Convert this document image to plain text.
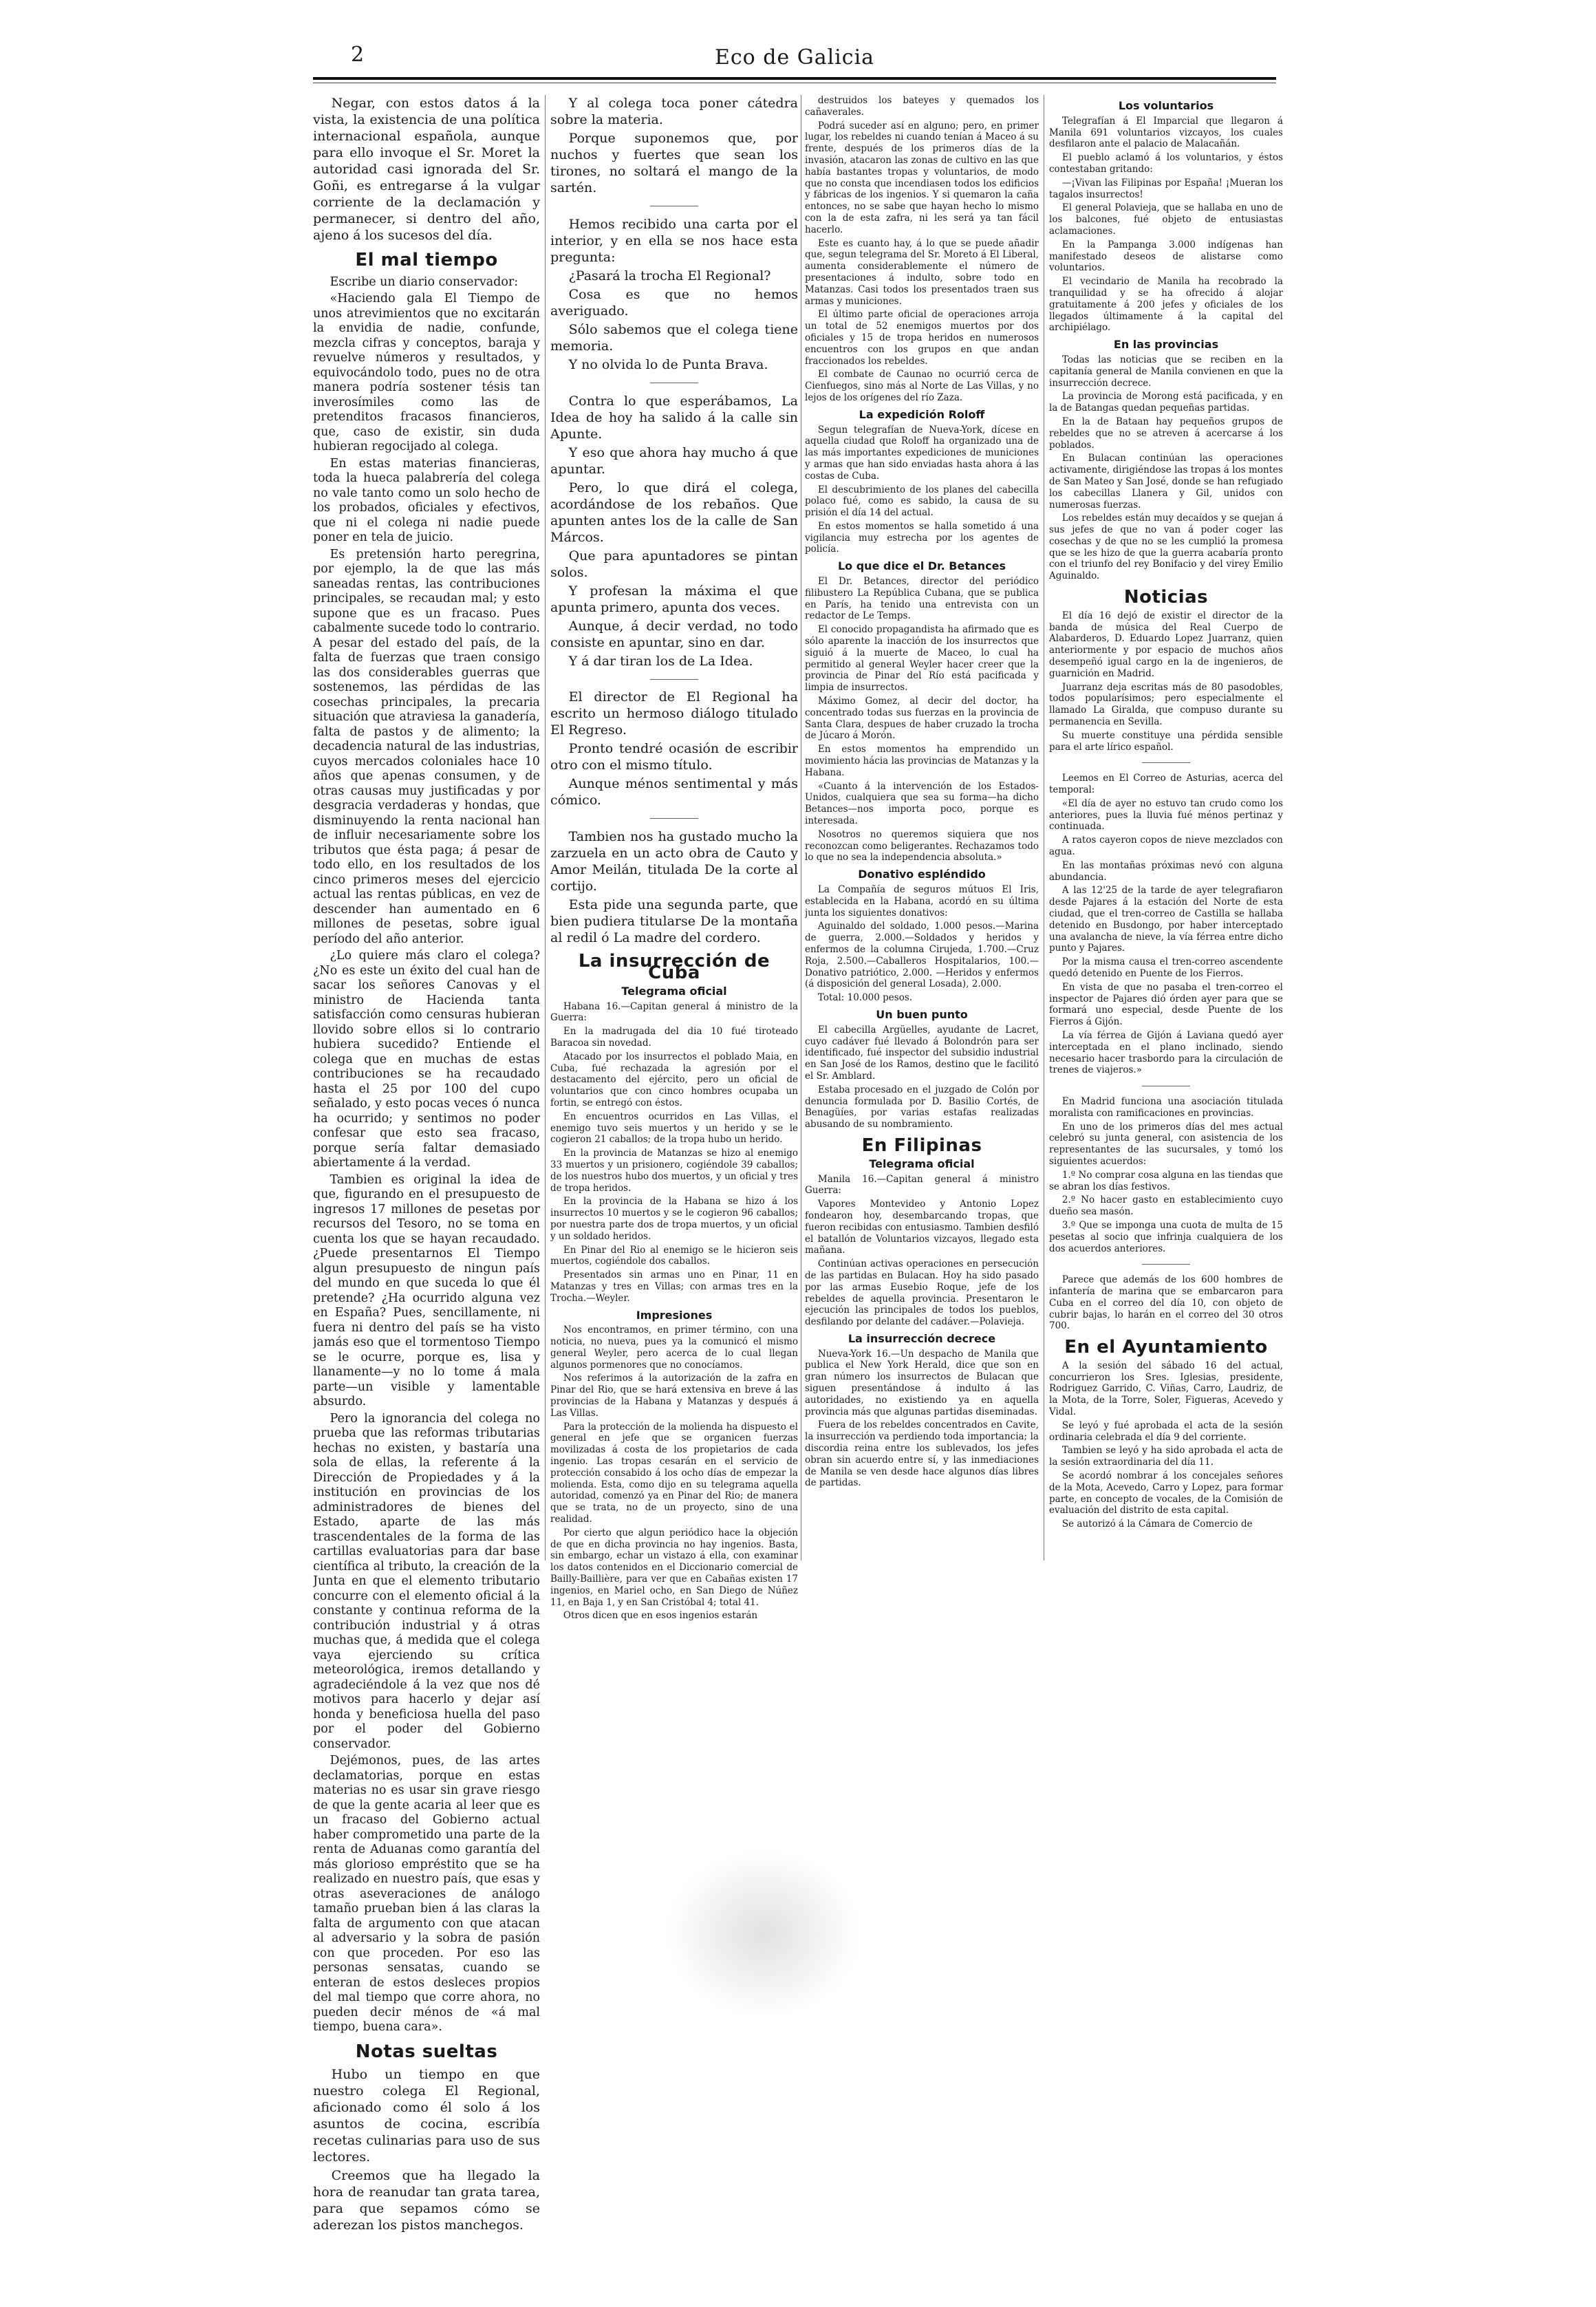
2	Eco de Galicia

Negar, con estos datos á la vista, la existencia de una política internacional española, aunque para ello invoque el Sr. Moret la autoridad casi ignorada del Sr. Goñi, es entregarse á la vulgar corriente de la declamación y permanecer, si dentro del año, ajeno á los sucesos del día.

El mal tiempo

Escribe un diario conservador:

«Haciendo gala El Tiempo de unos atrevimientos que no excitarán la envidia de nadie, confunde, mezcla cifras y conceptos, baraja y revuelve números y resultados, y equivocándolo todo, pues no de otra manera podría sostener tésis tan inverosímiles como las de pretenditos fracasos financieros, que, caso de existir, sin duda hubieran regocijado al colega.

En estas materias financieras, toda la hueca palabrería del colega no vale tanto como un solo hecho de los probados, oficiales y efectivos, que ni el colega ni nadie puede poner en tela de juicio.

Es pretensión harto peregrina, por ejemplo, la de que las más saneadas rentas, las contribuciones principales, se recaudan mal; y esto supone que es un fracaso. Pues cabalmente sucede todo lo contrario. A pesar del estado del país, de la falta de fuerzas que traen consigo las dos considerables guerras que sostenemos, las pérdidas de las cosechas principales, la precaria situación que atraviesa la ganadería, falta de pastos y de alimento; la decadencia natural de las industrias, cuyos mercados coloniales hace 10 años que apenas consumen, y de otras causas muy justificadas y por desgracia verdaderas y hondas, que disminuyendo la renta nacional han de influir necesariamente sobre los tributos que ésta paga; á pesar de todo ello, en los resultados de los cinco primeros meses del ejercicio actual las rentas públicas, en vez de descender han aumentado en 6 millones de pesetas, sobre igual período del año anterior.

¿Lo quiere más claro el colega? ¿No es este un éxito del cual han de sacar los señores Canovas y el ministro de Hacienda tanta satisfacción como censuras hubieran llovido sobre ellos si lo contrario hubiera sucedido? Entiende el colega que en muchas de estas contribuciones se ha recaudado hasta el 25 por 100 del cupo señalado, y esto pocas veces ó nunca ha ocurrido; y sentimos no poder confesar que esto sea fracaso, porque sería faltar demasiado abiertamente á la verdad.

Tambien es original la idea de que, figurando en el presupuesto de ingresos 17 millones de pesetas por recursos del Tesoro, no se toma en cuenta los que se hayan recaudado. ¿Puede presentarnos El Tiempo algun presupuesto de ningun país del mundo en que suceda lo que él pretende? ¿Ha ocurrido alguna vez en España? Pues, sencillamente, ni fuera ni dentro del país se ha visto jamás eso que el tormentoso Tiempo se le ocurre, porque es, lisa y llanamente—y no lo tome á mala parte—un visible y lamentable absurdo.

Pero la ignorancia del colega no prueba que las reformas tributarias hechas no existen, y bastaría una sola de ellas, la referente á la Dirección de Propiedades y á la institución en provincias de los administradores de bienes del Estado, aparte de las más trascendentales de la forma de las cartillas evaluatorias para dar base científica al tributo, la creación de la Junta en que el elemento tributario concurre con el elemento oficial á la constante y continua reforma de la contribución industrial y á otras muchas que, á medida que el colega vaya ejerciendo su crítica meteorológica, iremos detallando y agradeciéndole á la vez que nos dé motivos para hacerlo y dejar así honda y beneficiosa huella del paso por el poder del Gobierno conservador.

Dejémonos, pues, de las artes declamatorias, porque en estas materias no es usar sin grave riesgo de que la gente acaria al leer que es un fracaso del Gobierno actual haber comprometido una parte de la renta de Aduanas como garantía del más glorioso empréstito que se ha realizado en nuestro país, que esas y otras aseveraciones de análogo tamaño prueban bien á las claras la falta de argumento con que atacan al adversario y la sobra de pasión con que proceden. Por eso las personas sensatas, cuando se enteran de estos desleces propios del mal tiempo que corre ahora, no pueden decir ménos de «á mal tiempo, buena cara».

Notas sueltas

Hubo un tiempo en que nuestro colega El Regional, aficionado como él solo á los asuntos de cocina, escribía recetas culinarias para uso de sus lectores.

Creemos que ha llegado la hora de reanudar tan grata tarea, para que sepamos cómo se aderezan los pistos manchegos.

Y al colega toca poner cátedra sobre la materia.

Porque suponemos que, por nuchos y fuertes que sean los tirones, no soltará el mango de la sartén.

Hemos recibido una carta por el interior, y en ella se nos hace esta pregunta:

¿Pasará la trocha El Regional?

Cosa es que no hemos averiguado.

Sólo sabemos que el colega tiene memoria.

Y no olvida lo de Punta Brava.

Contra lo que esperábamos, La Idea de hoy ha salido á la calle sin Apunte.

Y eso que ahora hay mucho á que apuntar.

Pero, lo que dirá el colega, acordándose de los rebaños. Que apunten antes los de la calle de San Márcos.

Que para apuntadores se pintan solos.

Y profesan la máxima el que apunta primero, apunta dos veces.

Aunque, á decir verdad, no todo consiste en apuntar, sino en dar.

Y á dar tiran los de La Idea.

El director de El Regional ha escrito un hermoso diálogo titulado El Regreso.

Pronto tendré ocasión de escribir otro con el mismo título.

Aunque ménos sentimental y más cómico.

Tambien nos ha gustado mucho la zarzuela en un acto obra de Cauto y Amor Meilán, titulada De la corte al cortijo.

Esta pide una segunda parte, que bien pudiera titularse De la montaña al redil ó La madre del cordero.

La insurrección de Cuba
Telegrama oficial

Habana 16.—Capitan general á ministro de la Guerra:

En la madrugada del dia 10 fué tiroteado Baracoa sin novedad.

Atacado por los insurrectos el poblado Maia, en Cuba, fué rechazada la agresión por el destacamento del ejército, pero un oficial de voluntarios que con cinco hombres ocupaba un fortin, se entregó con éstos.

En encuentros ocurridos en Las Villas, el enemigo tuvo seis muertos y un herido y se le cogieron 21 caballos; de la tropa hubo un herido.

En la provincia de Matanzas se hizo al enemigo 33 muertos y un prisionero, cogiéndole 39 caballos; de los nuestros hubo dos muertos, y un oficial y tres de tropa heridos.

En la provincia de la Habana se hizo á los insurrectos 10 muertos y se le cogieron 96 caballos; por nuestra parte dos de tropa muertos, y un oficial y un soldado heridos.

En Pinar del Rio al enemigo se le hicieron seis muertos, cogiéndole dos caballos.

Presentados sin armas uno en Pinar, 11 en Matanzas y tres en Villas; con armas tres en la Trocha.—Weyler.

Impresiones

Nos encontramos, en primer término, con una noticia, no nueva, pues ya la comunicó el mismo general Weyler, pero acerca de lo cual llegan algunos pormenores que no conocíamos.

Nos referimos á la autorización de la zafra en Pinar del Rio, que se hará extensiva en breve á las provincias de la Habana y Matanzas y después á Las Villas.

Para la protección de la molienda ha dispuesto el general en jefe que se organicen fuerzas movilizadas á costa de los propietarios de cada ingenio. Las tropas cesarán en el servicio de protección consabido á los ocho días de empezar la molienda. Esta, como dijo en su telegrama aquella autoridad, comenzó ya en Pinar del Rio; de manera que se trata, no de un proyecto, sino de una realidad.

Por cierto que algun periódico hace la objeción de que en dicha provincia no hay ingenios. Basta, sin embargo, echar un vistazo á ella, con examinar los datos contenidos en el Diccionario comercial de Bailly-Baillière, para ver que en Cabañas existen 17 ingenios, en Mariel ocho, en San Diego de Núñez 11, en Baja 1, y en San Cristóbal 4; total 41.

Otros dicen que en esos ingenios estarán

destruidos los bateyes y quemados los cañaverales.

Podrá suceder así en alguno; pero, en primer lugar, los rebeldes ni cuando tenían á Maceo á su frente, después de los primeros días de la invasión, atacaron las zonas de cultivo en las que había bastantes tropas y voluntarios, de modo que no consta que incendiasen todos los edificios y fábricas de los ingenios. Y si quemaron la caña entonces, no se sabe que hayan hecho lo mismo con la de esta zafra, ni les será ya tan fácil hacerlo.

Este es cuanto hay, á lo que se puede añadir que, segun telegrama del Sr. Moreto á El Liberal, aumenta considerablemente el número de presentaciones á indulto, sobre todo en Matanzas. Casi todos los presentados traen sus armas y municiones.

El último parte oficial de operaciones arroja un total de 52 enemigos muertos por dos oficiales y 15 de tropa heridos en numerosos encuentros con los grupos en que andan fraccionados los rebeldes.

El combate de Caunao no ocurrió cerca de Cienfuegos, sino más al Norte de Las Villas, y no lejos de los orígenes del río Zaza.

La expedición Roloff

Segun telegrafían de Nueva-York, dícese en aquella ciudad que Roloff ha organizado una de las más importantes expediciones de municiones y armas que han sido enviadas hasta ahora á las costas de Cuba.

El descubrimiento de los planes del cabecilla polaco fué, como es sabido, la causa de su prisión el día 14 del actual.

En estos momentos se halla sometido á una vigilancia muy estrecha por los agentes de policía.

Lo que dice el Dr. Betances

El Dr. Betances, director del periódico filibustero La República Cubana, que se publica en París, ha tenido una entrevista con un redactor de Le Temps.

El conocido propagandista ha afirmado que es sólo aparente la inacción de los insurrectos que siguió á la muerte de Maceo, lo cual ha permitido al general Weyler hacer creer que la provincia de Pinar del Río está pacificada y limpia de insurrectos.

Máximo Gomez, al decir del doctor, ha concentrado todas sus fuerzas en la provincia de Santa Clara, despues de haber cruzado la trocha de Júcaro á Morón.

En estos momentos ha emprendido un movimiento hácia las provincias de Matanzas y la Habana.

«Cuanto á la intervención de los Estados-Unidos, cualquiera que sea su forma—ha dicho Betances—nos importa poco, porque es interesada.

Nosotros no queremos siquiera que nos reconozcan como beligerantes. Rechazamos todo lo que no sea la independencia absoluta.»

Donativo espléndido

La Compañía de seguros mútuos El Iris, establecida en la Habana, acordó en su última junta los siguientes donativos:

Aguinaldo del soldado, 1.000 pesos.—Marina de guerra, 2.000.—Soldados y heridos y enfermos de la columna Cirujeda, 1.700.—Cruz Roja, 2.500.—Caballeros Hospitalarios, 100.—Donativo patriótico, 2.000. —Heridos y enfermos (á disposición del general Losada), 2.000.

Total: 10.000 pesos.

Un buen punto

El cabecilla Argüelles, ayudante de Lacret, cuyo cadáver fué llevado á Bolondrón para ser identificado, fué inspector del subsidio industrial en San José de los Ramos, destino que le facilitó el Sr. Amblard.

Estaba procesado en el juzgado de Colón por denuncia formulada por D. Basilio Cortés, de Benagüíes, por varias estafas realizadas abusando de su nombramiento.

En Filipinas
Telegrama oficial

Manila 16.—Capitan general á ministro Guerra:

Vapores Montevideo y Antonio Lopez fondearon hoy, desembarcando tropas, que fueron recibidas con entusiasmo. Tambien desfiló el batallón de Voluntarios vizcayos, llegado esta mañana.

Continúan activas operaciones en persecución de las partidas en Bulacan. Hoy ha sido pasado por las armas Eusebio Roque, jefe de los rebeldes de aquella provincia. Presentaron le ejecución las principales de todos los pueblos, desfilando por delante del cadáver.—Polavieja.

La insurrección decrece

Nueva-York 16.—Un despacho de Manila que publica el New York Herald, dice que son en gran número los insurrectos de Bulacan que siguen presentándose á indulto á las autoridades, no existiendo ya en aquella provincia más que algunas partidas diseminadas.

Fuera de los rebeldes concentrados en Cavite, la insurrección va perdiendo toda importancia; la discordia reina entre los sublevados, los jefes obran sin acuerdo entre sí, y las inmediaciones de Manila se ven desde hace algunos días libres de partidas.

Los voluntarios

Telegrafían á El Imparcial que llegaron á Manila 691 voluntarios vizcayos, los cuales desfilaron ante el palacio de Malacañán.

El pueblo aclamó á los voluntarios, y éstos contestaban gritando:

—¡Vivan las Filipinas por España! ¡Mueran los tagalos insurrectos!

El general Polavieja, que se hallaba en uno de los balcones, fué objeto de entusiastas aclamaciones.

En la Pampanga 3.000 indígenas han manifestado deseos de alistarse como voluntarios.

El vecindario de Manila ha recobrado la tranquilidad y se ha ofrecido á alojar gratuitamente á 200 jefes y oficiales de los llegados últimamente á la capital del archipiélago.

En las provincias

Todas las noticias que se reciben en la capitanía general de Manila convienen en que la insurrección decrece.

La provincia de Morong está pacificada, y en la de Batangas quedan pequeñas partidas.

En la de Bataan hay pequeños grupos de rebeldes que no se atreven á acercarse á los poblados.

En Bulacan continúan las operaciones activamente, dirigiéndose las tropas á los montes de San Mateo y San José, donde se han refugiado los cabecillas Llanera y Gil, unidos con numerosas fuerzas.

Los rebeldes están muy decaídos y se quejan á sus jefes de que no van á poder coger las cosechas y de que no se les cumplió la promesa que se les hizo de que la guerra acabaría pronto con el triunfo del rey Bonifacio y del virey Emilio Aguinaldo.

Noticias

El día 16 dejó de existir el director de la banda de música del Real Cuerpo de Alabarderos, D. Eduardo Lopez Juarranz, quien anteriormente y por espacio de muchos años desempeñó igual cargo en la de ingenieros, de guarnición en Madrid.

Juarranz deja escritas más de 80 pasodobles, todos popularísimos; pero especialmente el llamado La Giralda, que compuso durante su permanencia en Sevilla.

Su muerte constituye una pérdida sensible para el arte lírico español.

Leemos en El Correo de Asturias, acerca del temporal:

«El día de ayer no estuvo tan crudo como los anteriores, pues la lluvia fué ménos pertinaz y continuada.

A ratos cayeron copos de nieve mezclados con agua.

En las montañas próximas nevó con alguna abundancia.

A las 12'25 de la tarde de ayer telegrafiaron desde Pajares á la estación del Norte de esta ciudad, que el tren-correo de Castilla se hallaba detenido en Busdongo, por haber interceptado una avalancha de nieve, la vía férrea entre dicho punto y Pajares.

Por la misma causa el tren-correo ascendente quedó detenido en Puente de los Fierros.

En vista de que no pasaba el tren-correo el inspector de Pajares dió órden ayer para que se formará uno especial, desde Puente de los Fierros á Gijón.

La vía férrea de Gijón á Laviana quedó ayer interceptada en el plano inclinado, siendo necesario hacer trasbordo para la circulación de trenes de viajeros.»

En Madrid funciona una asociación titulada moralista con ramificaciones en provincias.

En uno de los primeros días del mes actual celebró su junta general, con asistencia de los representantes de las sucursales, y tomó los siguientes acuerdos:

1.º No comprar cosa alguna en las tiendas que se abran los días festivos.

2.º No hacer gasto en establecimiento cuyo dueño sea masón.

3.º Que se imponga una cuota de multa de 15 pesetas al socio que infrinja cualquiera de los dos acuerdos anteriores.

Parece que además de los 600 hombres de infantería de marina que se embarcaron para Cuba en el correo del día 10, con objeto de cubrir bajas, lo harán en el correo del 30 otros 700.

En el Ayuntamiento

A la sesión del sábado 16 del actual, concurrieron los Sres. Iglesias, presidente, Rodriguez Garrido, C. Viñas, Carro, Laudriz, de la Mota, de la Torre, Soler, Figueras, Acevedo y Vidal.

Se leyó y fué aprobada el acta de la sesión ordinaria celebrada el día 9 del corriente.

Tambien se leyó y ha sido aprobada el acta de la sesión extraordinaria del día 11.

Se acordó nombrar á los concejales señores de la Mota, Acevedo, Carro y Lopez, para formar parte, en concepto de vocales, de la Comisión de evaluación del distrito de esta capital.

Se autorizó á la Cámara de Comercio de
